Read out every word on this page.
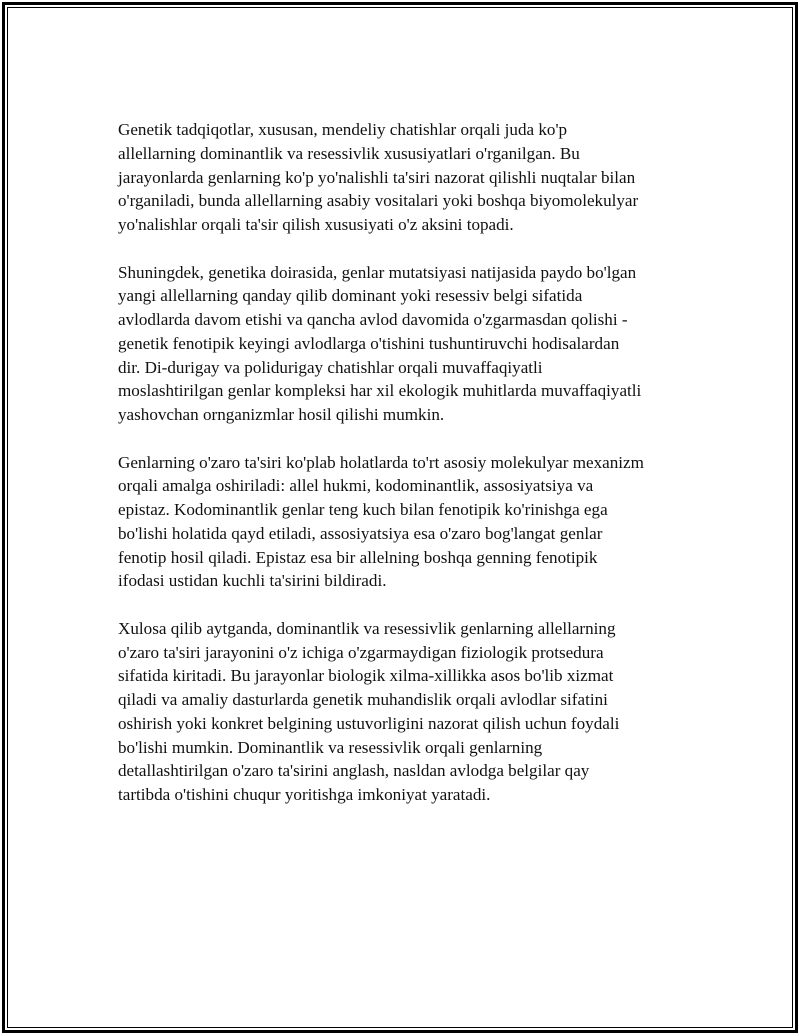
Genetik tadqiqotlar, xususan, mendeliy chatishlar orqali juda ko'p
allellarning dominantlik va resessivlik xususiyatlari o'rganilgan. Bu
jarayonlarda genlarning ko'p yo'nalishli ta'siri nazorat qilishli nuqtalar bilan
o'rganiladi, bunda allellarning asabiy vositalari yoki boshqa biyomolekulyar
yo'nalishlar orqali ta'sir qilish xususiyati o'z aksini topadi.

Shuningdek, genetika doirasida, genlar mutatsiyasi natijasida paydo bo'lgan
yangi allellarning qanday qilib dominant yoki resessiv belgi sifatida
avlodlarda davom etishi va qancha avlod davomida o'zgarmasdan qolishi -
genetik fenotipik keyingi avlodlarga o'tishini tushuntiruvchi hodisalardan
dir. Di-durigay va polidurigay chatishlar orqali muvaffaqiyatli
moslashtirilgan genlar kompleksi har xil ekologik muhitlarda muvaffaqiyatli
yashovchan ornganizmlar hosil qilishi mumkin.

Genlarning o'zaro ta'siri ko'plab holatlarda to'rt asosiy molekulyar mexanizm
orqali amalga oshiriladi: allel hukmi, kodominantlik, assosiyatsiya va
epistaz. Kodominantlik genlar teng kuch bilan fenotipik ko'rinishga ega
bo'lishi holatida qayd etiladi, assosiyatsiya esa o'zaro bog'langat genlar
fenotip hosil qiladi. Epistaz esa bir allelning boshqa genning fenotipik
ifodasi ustidan kuchli ta'sirini bildiradi.

Xulosa qilib aytganda, dominantlik va resessivlik genlarning allellarning
o'zaro ta'siri jarayonini o'z ichiga o'zgarmaydigan fiziologik protsedura
sifatida kiritadi. Bu jarayonlar biologik xilma-xillikka asos bo'lib xizmat
qiladi va amaliy dasturlarda genetik muhandislik orqali avlodlar sifatini
oshirish yoki konkret belgining ustuvorligini nazorat qilish uchun foydali
bo'lishi mumkin. Dominantlik va resessivlik orqali genlarning
detallashtirilgan o'zaro ta'sirini anglash, nasldan avlodga belgilar qay
tartibda o'tishini chuqur yoritishga imkoniyat yaratadi.
